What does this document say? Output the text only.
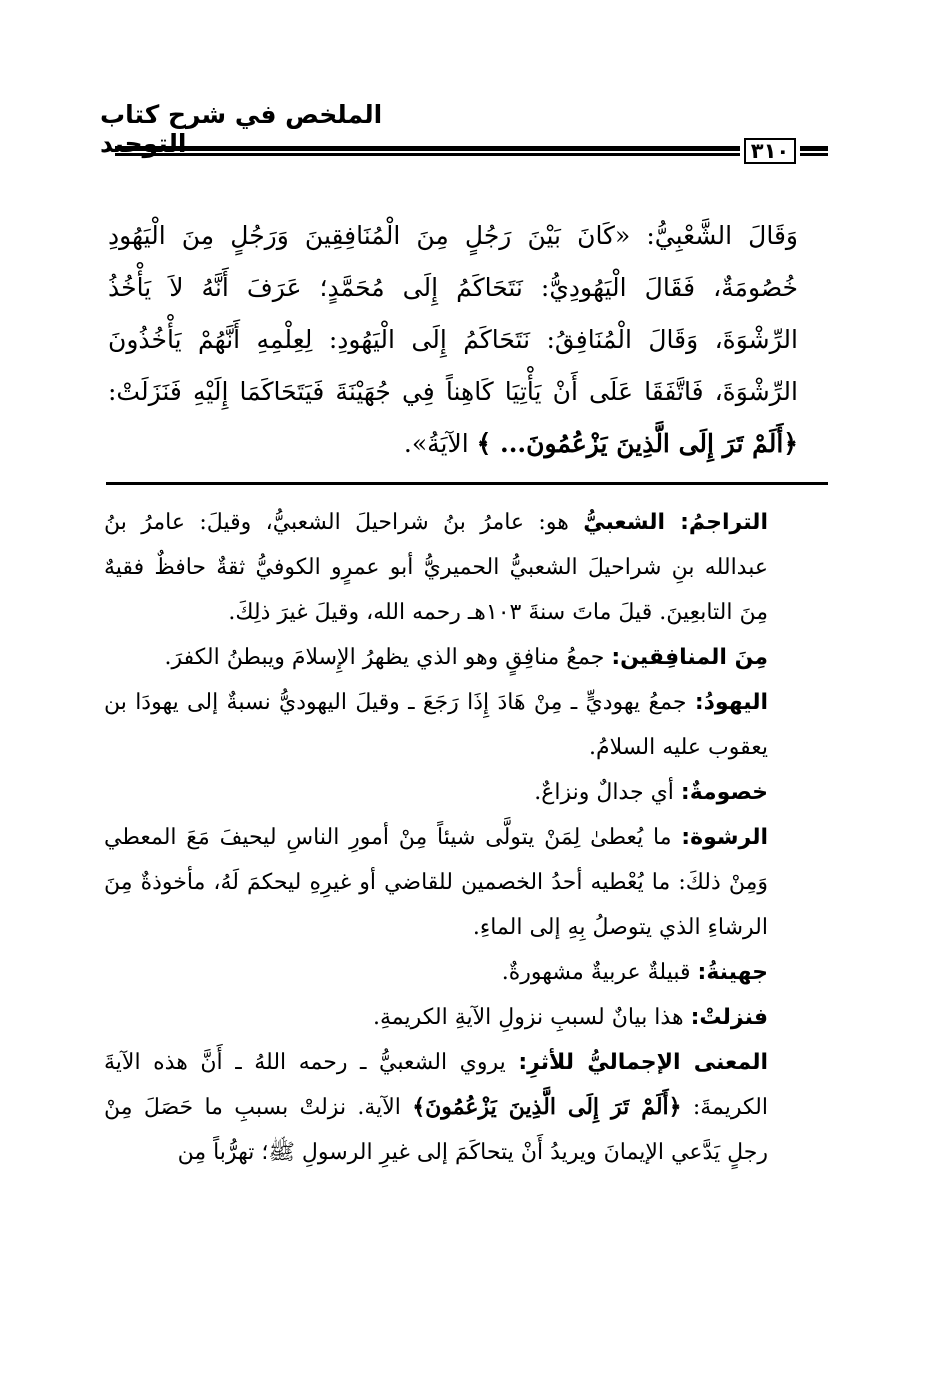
الملخص في شرح كتاب التوحيد	٣١٠

وَقَالَ الشَّعْبِيُّ: «كَانَ بَيْنَ رَجُلٍ مِنَ الْمُنَافِقِينَ وَرَجُلٍ مِنَ الْيَهُودِ خُصُومَةٌ، فَقَالَ الْيَهُودِيُّ: نَتَحَاكَمُ إِلَى مُحَمَّدٍ؛ عَرَفَ أَنَّهُ لاَ يَأْخُذُ الرِّشْوَةَ، وَقَالَ الْمُنَافِقُ: نَتَحَاكَمُ إِلَى الْيَهُودِ: لِعِلْمِهِ أَنَّهُمْ يَأْخُذُونَ الرِّشْوَةَ، فَاتَّفَقَا عَلَى أَنْ يَأْتِيَا كَاهِناً فِي جُهَيْنَةَ فَيَتَحَاكَمَا إِلَيْهِ فَنَزَلَتْ: ﴿أَلَمْ تَرَ إِلَى الَّذِينَ يَزْعُمُونَ... ﴾ الآيَةُ».

التراجمُ: الشعبيُّ هو: عامرُ بنُ شراحيلَ الشعبيُّ، وقيلَ: عامرُ بنُ عبدالله بنِ شراحيلَ الشعبيُّ الحميريُّ أبو عمرٍو الكوفيُّ ثقةٌ حافظٌ فقيهٌ مِنَ التابعِينَ. قيلَ ماتَ سنةَ ١٠٣هـ رحمه الله، وقيلَ غيرَ ذلِكَ.

مِنَ المنافِقين: جمعُ منافِقٍ وهو الذي يظهرُ الإِسلامَ ويبطنُ الكفرَ.

اليهودُ: جمعُ يهوديٍّ ـ مِنْ هَادَ إِذَا رَجَعَ ـ وقيلَ اليهوديُّ نسبةٌ إلى يهودَا بن يعقوب عليه السلامُ.

خصومةٌ: أي جدالٌ ونزاعٌ.

الرشوة: ما يُعطىٰ لِمَنْ يتولَّى شيئاً مِنْ أمورِ الناسِ ليحيفَ مَعَ المعطي وَمِنْ ذلكَ: ما يُعْطيه أحدُ الخصمين للقاضي أو غيرِهِ ليحكمَ لَهُ، مأخوذةٌ مِنَ الرشاءِ الذي يتوصلُ بِهِ إلى الماءِ.

جهينةُ: قبيلةٌ عربيةٌ مشهورةٌ.

فنزلتْ: هذا بيانٌ لسببِ نزولِ الآيةِ الكريمةِ.

المعنى الإجماليُّ للأثرِ: يروي الشعبيُّ ـ رحمه اللهُ ـ أَنَّ هذه الآيةَ الكريمةَ: ﴿أَلَمْ تَرَ إِلَى الَّذِينَ يَزْعُمُونَ﴾ الآية. نزلتْ بسببِ ما حَصَلَ مِنْ رجلٍ يَدَّعي الإيمانَ ويريدُ أَنْ يتحاكَمَ إلى غيرِ الرسولِ ﷺ؛ تهرُّباً مِن
